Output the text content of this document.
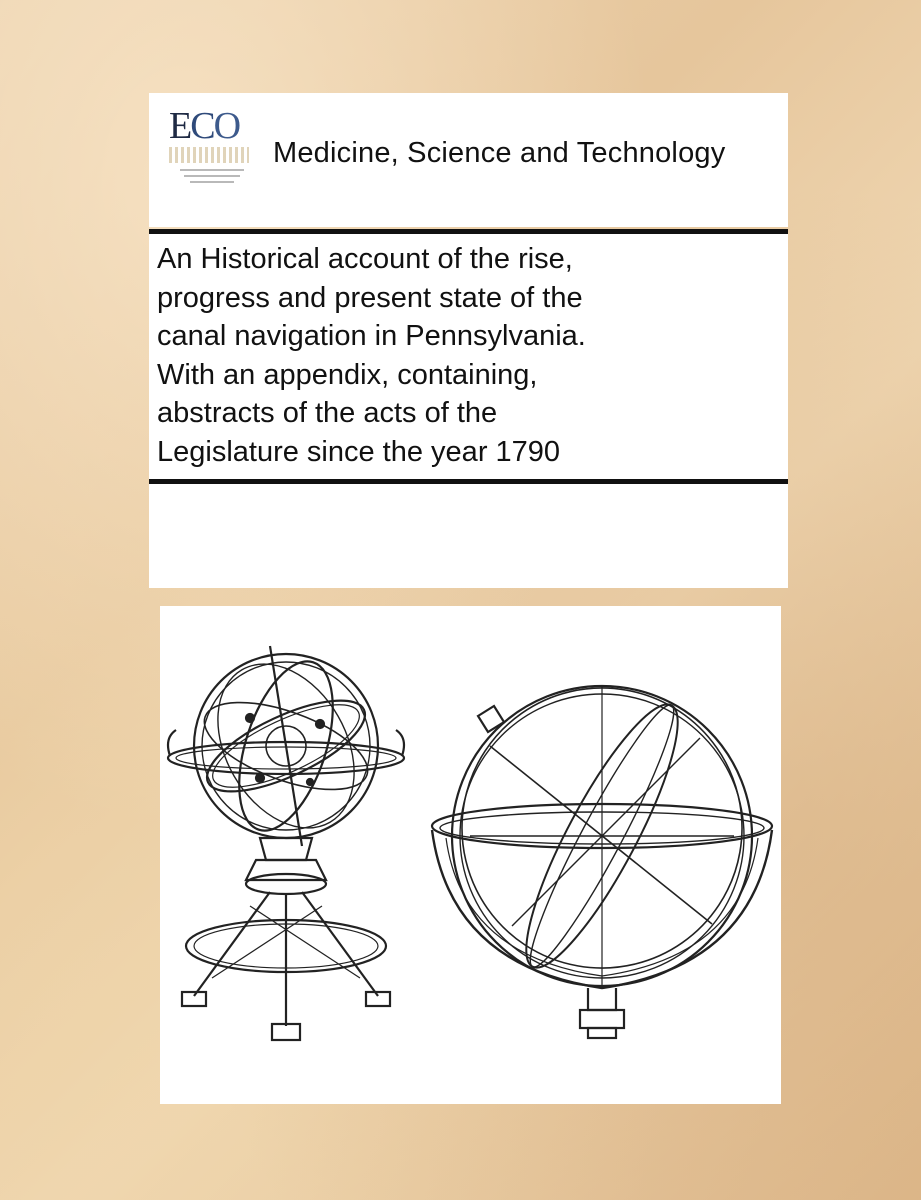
ECO
Medicine, Science and Technology
An Historical account of the rise,
progress and present state of the
canal navigation in Pennsylvania.
With an appendix, containing,
abstracts of the acts of the
Legislature since the year 1790
